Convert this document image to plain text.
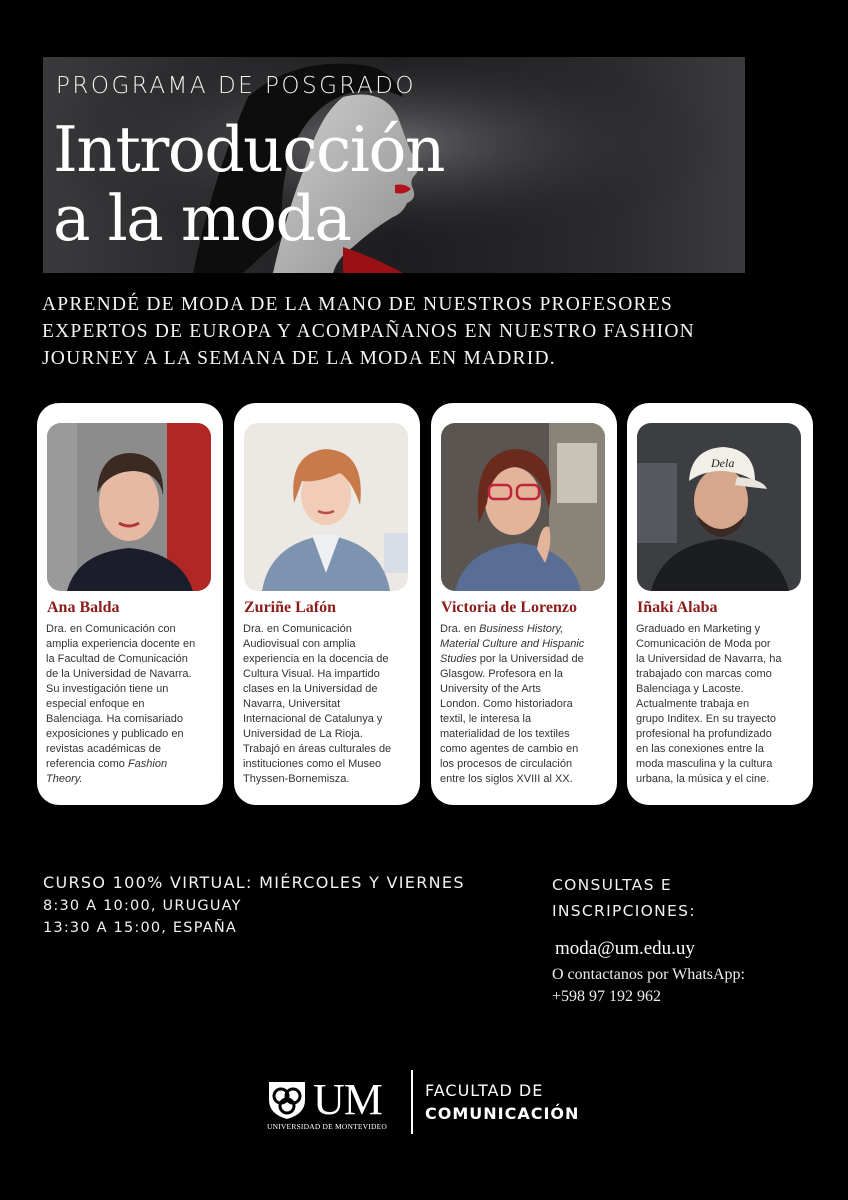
PROGRAMA DE POSGRADO
Introducción
a la moda
APRENDÉ DE MODA DE LA MANO DE NUESTROS PROFESORES
EXPERTOS DE EUROPA Y ACOMPAÑANOS EN NUESTRO FASHION
JOURNEY A LA SEMANA DE LA MODA EN MADRID.
Ana Balda
Dra. en Comunicación con
amplia experiencia docente en
la Facultad de Comunicación
de la Universidad de Navarra.
Su investigación tiene un
especial enfoque en
Balenciaga. Ha comisariado
exposiciones y publicado en
revistas académicas de
referencia como Fashion
Theory.
Zuriñe Lafón
Dra. en Comunicación
Audiovisual con amplia
experiencia en la docencia de
Cultura Visual. Ha impartido
clases en la Universidad de
Navarra, Universitat
Internacional de Catalunya y
Universidad de La Rioja.
Trabajó en áreas culturales de
instituciones como el Museo
Thyssen-Bornemisza.
Victoria de Lorenzo
Dra. en Business History,
Material Culture and Hispanic
Studies por la Universidad de
Glasgow. Profesora en la
University of the Arts
London. Como historiadora
textil, le interesa la
materialidad de los textiles
como agentes de cambio en
los procesos de circulación
entre los siglos XVIII al XX.
Dela
Iñaki Alaba
Graduado en Marketing y
Comunicación de Moda por
la Universidad de Navarra, ha
trabajado con marcas como
Balenciaga y Lacoste.
Actualmente trabaja en
grupo Inditex. En su trayecto
profesional ha profundizado
en las conexiones entre la
moda masculina y la cultura
urbana, la música y el cine.
CURSO 100% VIRTUAL: MIÉRCOLES Y VIERNES
8:30 A 10:00, URUGUAY
13:30 A 15:00, ESPAÑA
CONSULTAS E
INSCRIPCIONES:
moda@um.edu.uy
O contactanos por WhatsApp:
+598 97 192 962
UM
UNIVERSIDAD DE MONTEVIDEO
FACULTAD DE
COMUNICACIÓN
